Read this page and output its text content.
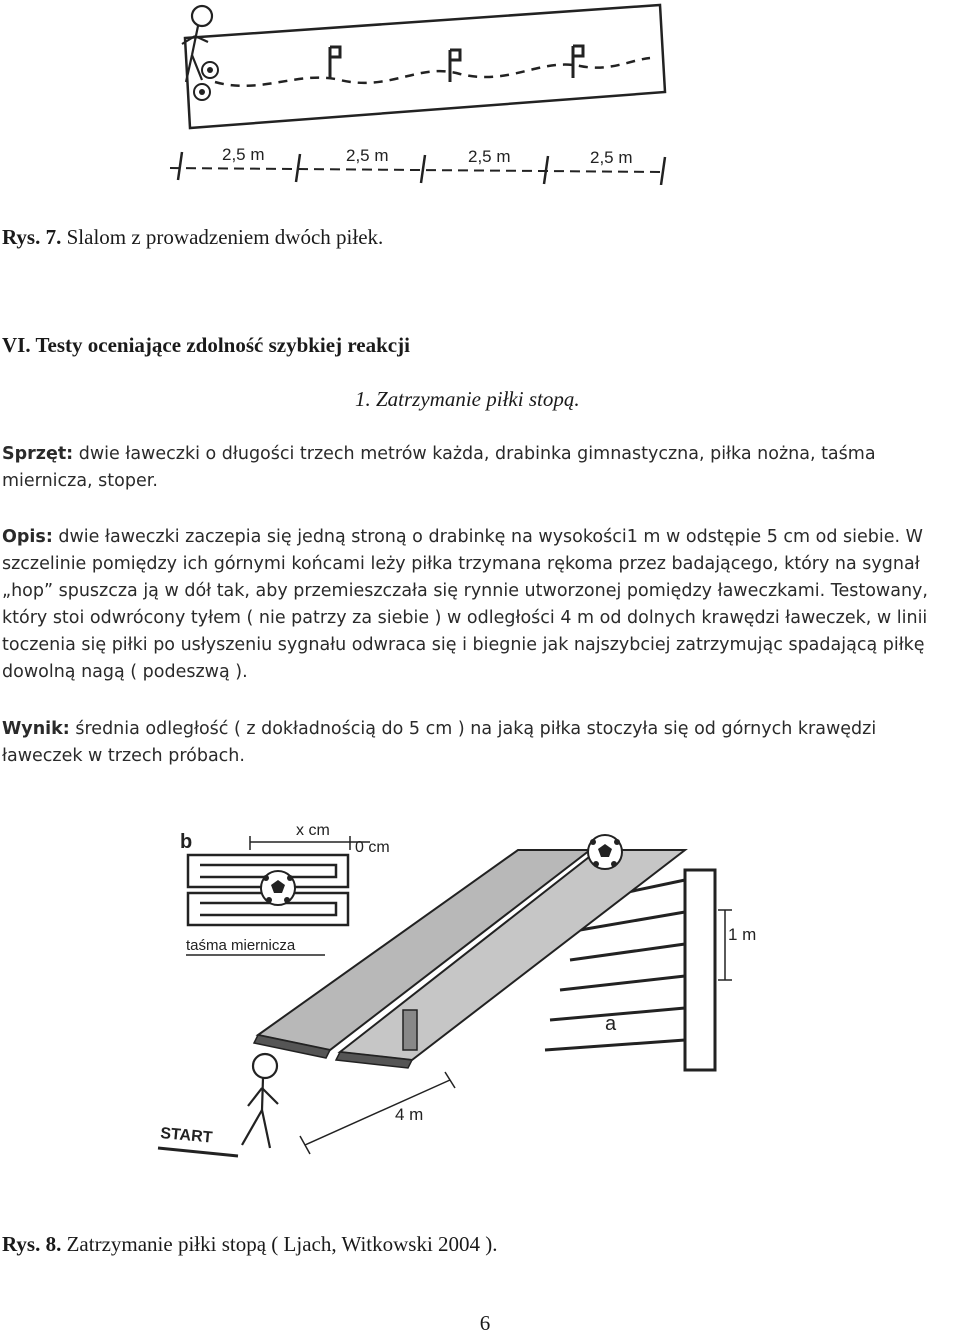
2,5 m	2,5 m	2,5 m	2,5 m
Rys. 7. Slalom z prowadzeniem dwóch piłek.
VI. Testy oceniające zdolność szybkiej reakcji
1. Zatrzymanie piłki stopą.
Sprzęt: dwie ławeczki o długości trzech metrów każda, drabinka gimnastyczna, piłka nożna, taśma miernicza, stoper.
Opis: dwie ławeczki zaczepia się jedną stroną o drabinkę na wysokości1 m w odstępie 5 cm od siebie. W szczelinie pomiędzy ich górnymi końcami leży piłka trzymana rękoma przez badającego, który na sygnał „hop” spuszcza ją w dół tak, aby przemieszczała się rynnie utworzonej pomiędzy ławeczkami. Testowany, który stoi odwrócony tyłem ( nie patrzy za siebie ) w odległości 4 m od dolnych krawędzi ławeczek, w linii toczenia się piłki po usłyszeniu sygnału odwraca się i biegnie jak najszybciej zatrzymując spadającą piłkę dowolną nagą ( podeszwą ).
Wynik: średnia odległość ( z dokładnością do 5 cm ) na jaką piłka stoczyła się od górnych krawędzi ławeczek w trzech próbach.
b
x cm
0 cm
taśma miernicza
1 m
a
4 m
START
Rys. 8. Zatrzymanie piłki stopą ( Ljach, Witkowski 2004 ).
6
